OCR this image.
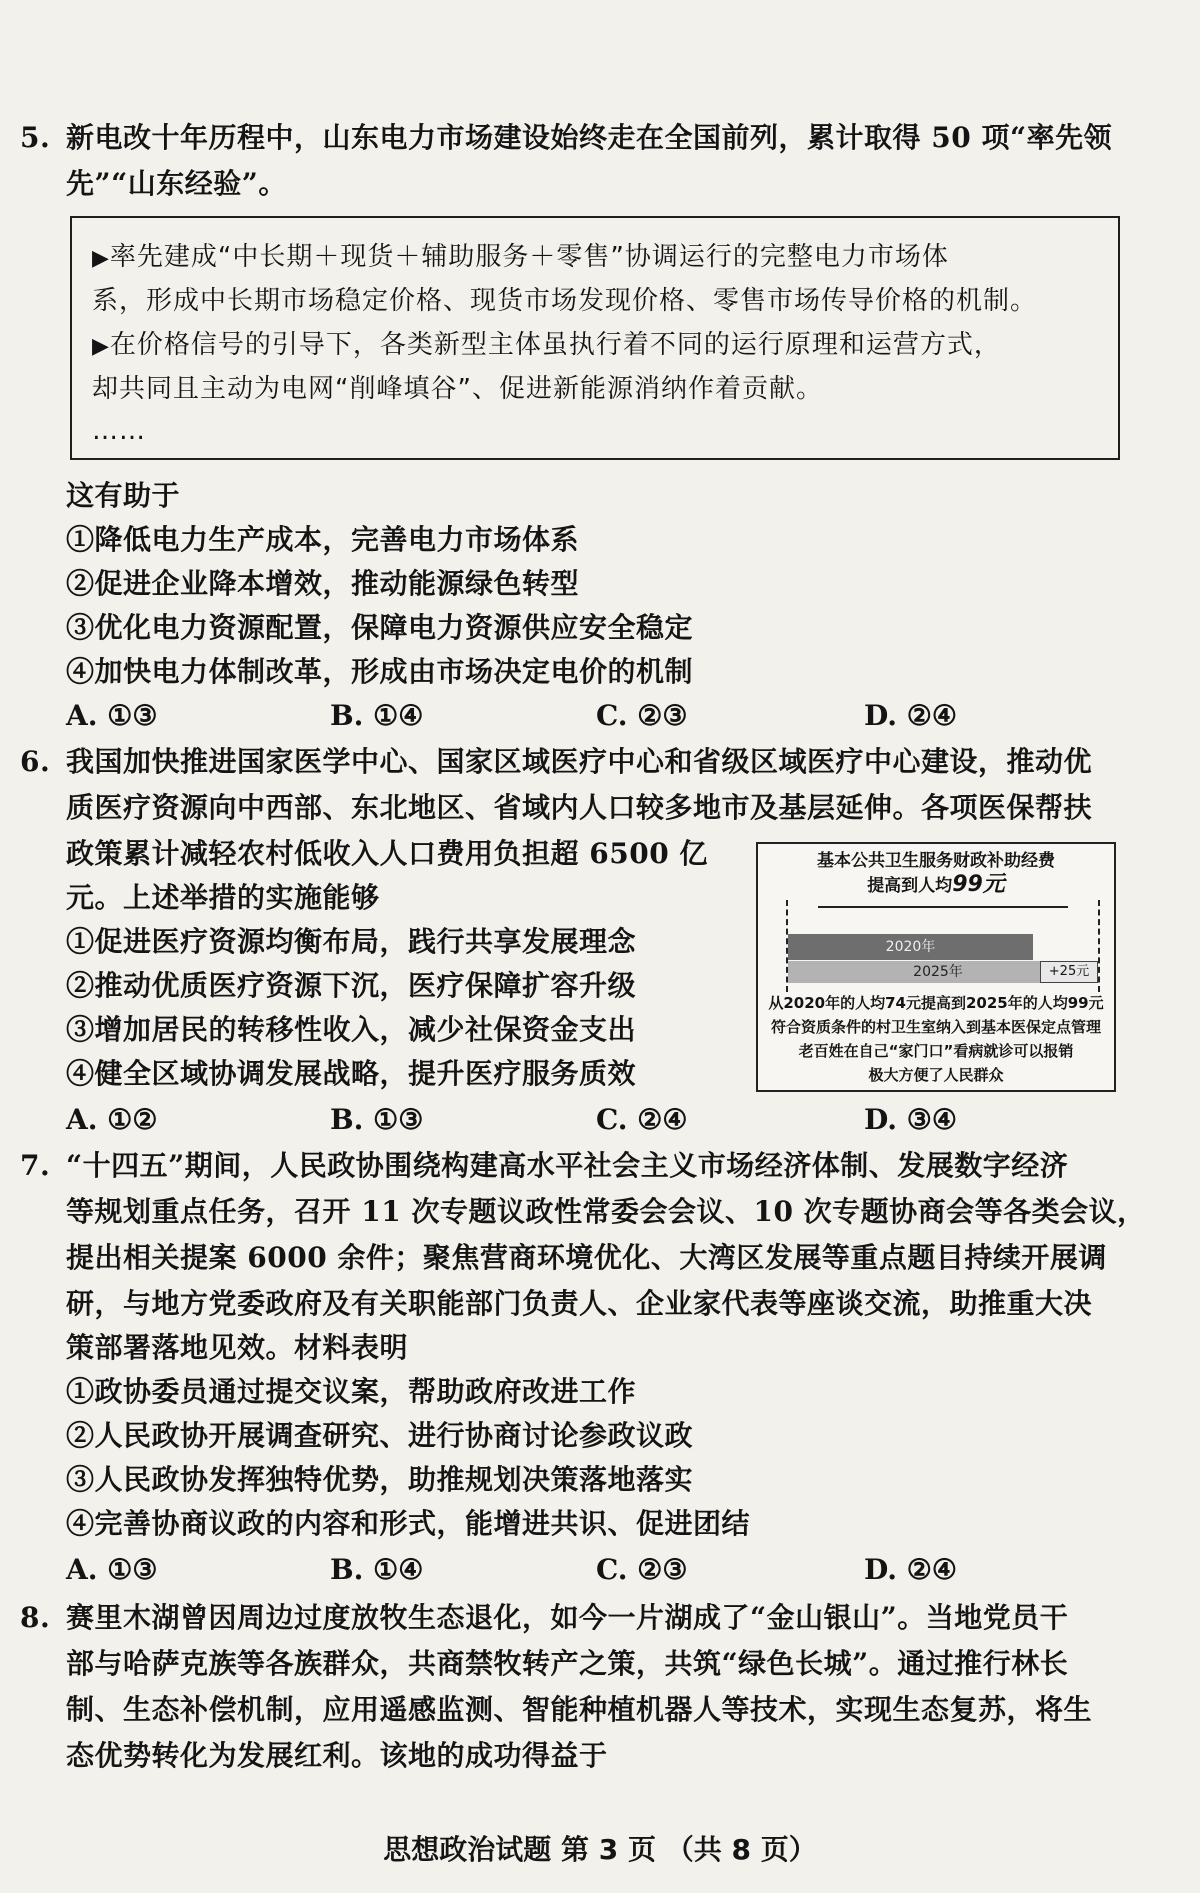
5. 新电改十年历程中，山东电力市场建设始终走在全国前列，累计取得 50 项“率先领
先”“山东经验”。
▶率先建成“中长期＋现货＋辅助服务＋零售”协调运行的完整电力市场体
系，形成中长期市场稳定价格、现货市场发现价格、零售市场传导价格的机制。
▶在价格信号的引导下，各类新型主体虽执行着不同的运行原理和运营方式，
却共同且主动为电网“削峰填谷”、促进新能源消纳作着贡献。
……
这有助于
①降低电力生产成本，完善电力市场体系
②促进企业降本增效，推动能源绿色转型
③优化电力资源配置，保障电力资源供应安全稳定
④加快电力体制改革，形成由市场决定电价的机制
A. ①③	B. ①④	C. ②③	D. ②④
6. 我国加快推进国家医学中心、国家区域医疗中心和省级区域医疗中心建设，推动优
质医疗资源向中西部、东北地区、省域内人口较多地市及基层延伸。各项医保帮扶
政策累计减轻农村低收入人口费用负担超 6500 亿
元。上述举措的实施能够
①促进医疗资源均衡布局，践行共享发展理念
②推动优质医疗资源下沉，医疗保障扩容升级
③增加居民的转移性收入，减少社保资金支出
④健全区域协调发展战略，提升医疗服务质效
A. ①②	B. ①③	C. ②④	D. ③④
基本公共卫生服务财政补助经费
提高到人均99元
2020年
2025年	+25元
从2020年的人均74元提高到2025年的人均99元
符合资质条件的村卫生室纳入到基本医保定点管理
老百姓在自己“家门口”看病就诊可以报销
极大方便了人民群众
7. “十四五”期间，人民政协围绕构建高水平社会主义市场经济体制、发展数字经济
等规划重点任务，召开 11 次专题议政性常委会会议、10 次专题协商会等各类会议，
提出相关提案 6000 余件；聚焦营商环境优化、大湾区发展等重点题目持续开展调
研，与地方党委政府及有关职能部门负责人、企业家代表等座谈交流，助推重大决
策部署落地见效。材料表明
①政协委员通过提交议案，帮助政府改进工作
②人民政协开展调查研究、进行协商讨论参政议政
③人民政协发挥独特优势，助推规划决策落地落实
④完善协商议政的内容和形式，能增进共识、促进团结
A. ①③	B. ①④	C. ②③	D. ②④
8. 赛里木湖曾因周边过度放牧生态退化，如今一片湖成了“金山银山”。当地党员干
部与哈萨克族等各族群众，共商禁牧转产之策，共筑“绿色长城”。通过推行林长
制、生态补偿机制，应用遥感监测、智能种植机器人等技术，实现生态复苏，将生
态优势转化为发展红利。该地的成功得益于
思想政治试题 第 3 页 （共 8 页）
